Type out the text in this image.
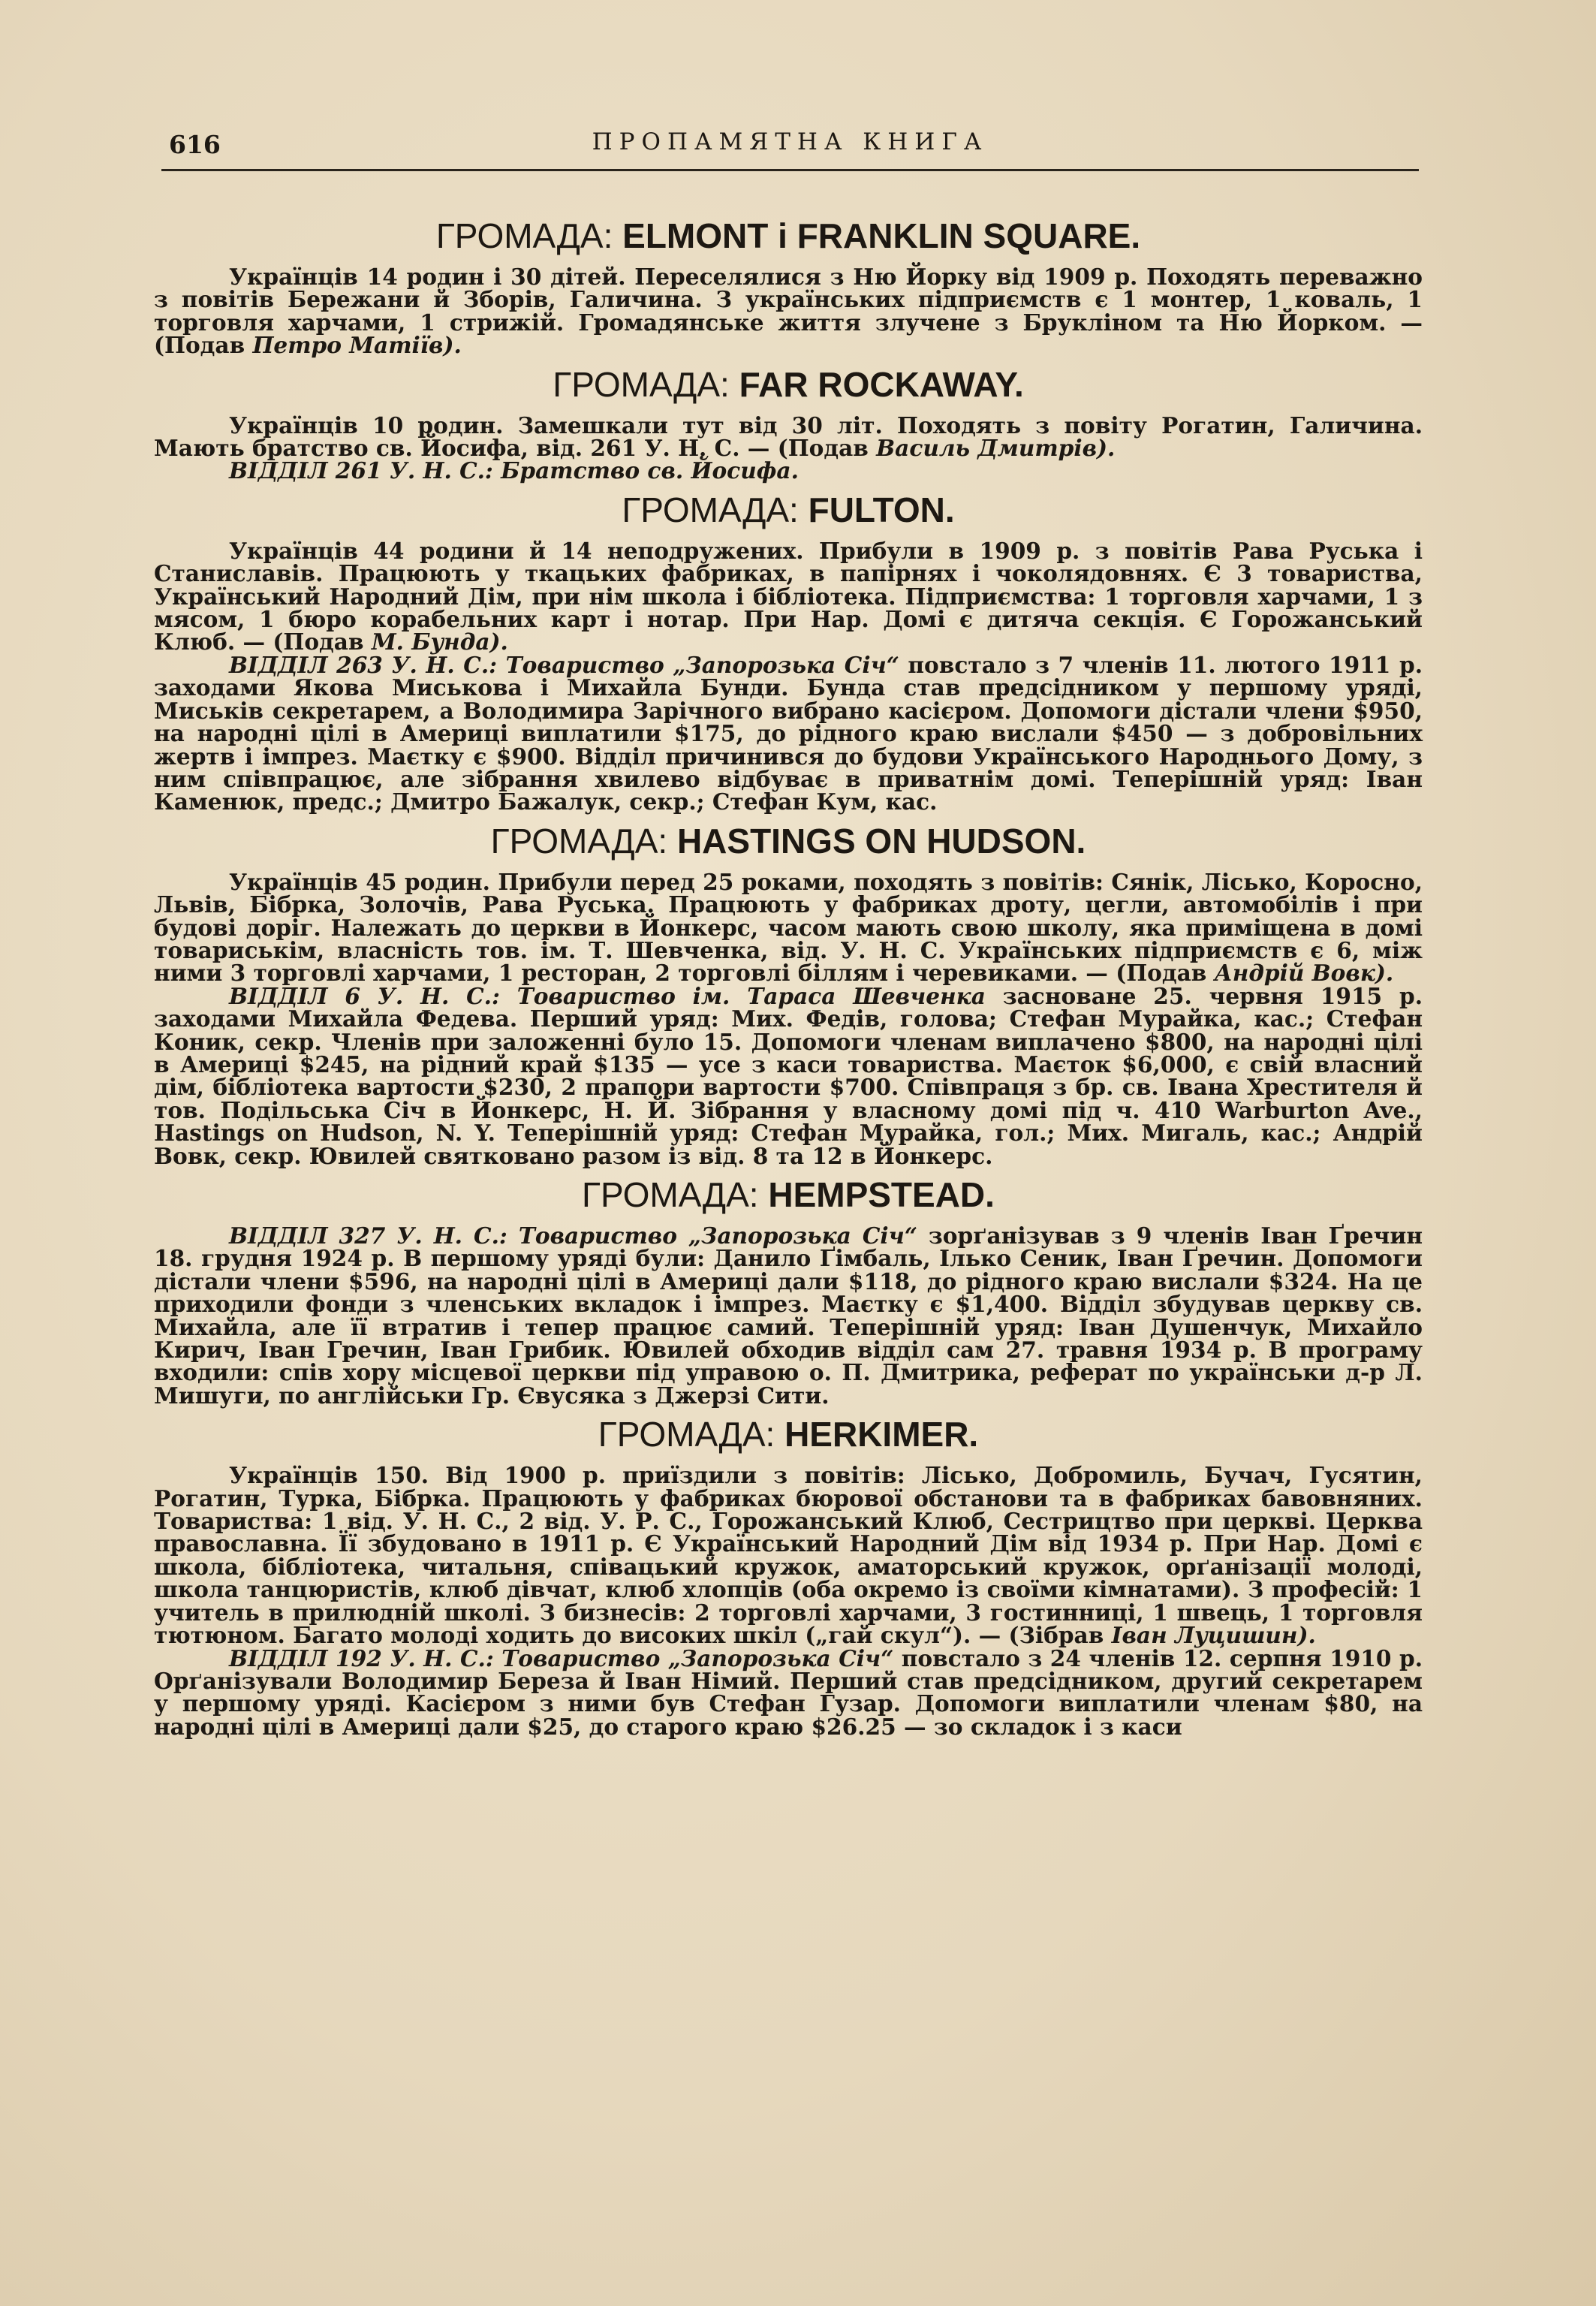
616	ПРОПАМЯТНА КНИГА
ГРОМАДА: ELMONT і FRANKLIN SQUARE.

Українців 14 родин і 30 дітей. Переселялися з Ню Йорку від 1909 р. Походять переважно з повітів Бережани й Зборів, Галичина. З українських підприємств є 1 монтер, 1 коваль, 1 торговля харчами, 1 стрижій. Громадянське життя злучене з Брукліном та Ню Йорком. — (Подав Петро Матіїв).

ГРОМАДА: FAR ROCKAWAY.

Українців 10 родин. Замешкали тут від 30 літ. Походять з повіту Рогатин, Галичина. Мають братство св. Йосифа, від. 261 У. Н. С. — (Подав Василь Дмитрів).

ВІДДІЛ 261 У. Н. С.: Братство св. Йосифа.

ГРОМАДА: FULTON.

Українців 44 родини й 14 неподружених. Прибули в 1909 р. з повітів Рава Руська і Станиславів. Працюють у ткацьких фабриках, в папірнях і чоколядовнях. Є 3 товариства, Український Народний Дім, при нім школа і бібліотека. Підприємства: 1 торговля харчами, 1 з мясом, 1 бюро корабельних карт і нотар. При Нар. Домі є дитяча секція. Є Горожанський Клюб. — (Подав М. Бунда).

ВІДДІЛ 263 У. Н. С.: Товариство „Запорозька Січ“ повстало з 7 членів 11. лютого 1911 р. заходами Якова Миськова і Михайла Бунди. Бунда став предсідником у першому уряді, Миськів секретарем, а Володимира Зарічного вибрано касієром. Допомоги дістали члени $950, на народні цілі в Америці виплатили $175, до рідного краю вислали $450 — з добровільних жертв і імпрез. Маєтку є $900. Відділ причинився до будови Українського Народнього Дому, з ним співпрацює, але зібрання хвилево відбуває в приватнім домі. Теперішній уряд: Іван Каменюк, предс.; Дмитро Бажалук, секр.; Стефан Кум, кас.

ГРОМАДА: HASTINGS ON HUDSON.

Українців 45 родин. Прибули перед 25 роками, походять з повітів: Сянік, Лісько, Коросно, Львів, Бібрка, Золочів, Рава Руська. Працюють у фабриках дроту, цегли, автомобілів і при будові доріг. Належать до церкви в Йонкерс, часом мають свою школу, яка приміщена в домі товариськім, власність тов. ім. Т. Шевченка, від. У. Н. С. Українських підприємств є 6, між ними 3 торговлі харчами, 1 ресторан, 2 торговлі біллям і черевиками. — (Подав Андрій Вовк).

ВІДДІЛ 6 У. Н. С.: Товариство ім. Тараса Шевченка засноване 25. червня 1915 р. заходами Михайла Федева. Перший уряд: Мих. Федів, голова; Стефан Мурайка, кас.; Стефан Коник, секр. Членів при заложенні було 15. Допомоги членам виплачено $800, на народні цілі в Америці $245, на рідний край $135 — усе з каси товариства. Маєток $6,000, є свій власний дім, бібліотека вартости $230, 2 прапори вартости $700. Співпраця з бр. св. Івана Хрестителя й тов. Подільська Січ в Йонкерс, Н. Й. Зібрання у власному домі під ч. 410 Warburton Ave., Hastings on Hudson, N. Y. Теперішній уряд: Стефан Мурайка, гол.; Мих. Мигаль, кас.; Андрій Вовк, секр. Ювилей святковано разом із від. 8 та 12 в Йонкерс.

ГРОМАДА: HEMPSTEAD.

ВІДДІЛ 327 У. Н. С.: Товариство „Запорозька Січ“ зорґанізував з 9 членів Іван Ґречин 18. грудня 1924 р. В першому уряді були: Данило Ґімбаль, Ілько Сеник, Іван Ґречин. Допомоги дістали члени $596, на народні цілі в Америці дали $118, до рідного краю вислали $324. На це приходили фонди з членських вкладок і імпрез. Маєтку є $1,400. Відділ збудував церкву св. Михайла, але її втратив і тепер працює самий. Теперішній уряд: Іван Душенчук, Михайло Кирич, Іван Гречин, Іван Грибик. Ювилей обходив відділ сам 27. травня 1934 р. В програму входили: спів хору місцевої церкви під управою о. П. Дмитрика, реферат по українськи д-р Л. Мишуги, по англійськи Гр. Євусяка з Джерзі Сити.

ГРОМАДА: HERKIMER.

Українців 150. Від 1900 р. приїздили з повітів: Лісько, Добромиль, Бучач, Гусятин, Рогатин, Турка, Бібрка. Працюють у фабриках бюрової обстанови та в фабриках бавовняних. Товариства: 1 від. У. Н. С., 2 від. У. Р. С., Горожанський Клюб, Сестрицтво при церкві. Церква православна. Її збудовано в 1911 р. Є Український Народний Дім від 1934 р. При Нар. Домі є школа, бібліотека, читальня, співацький кружок, аматорський кружок, орґанізації молоді, школа танцюристів, клюб дівчат, клюб хлопців (оба окремо із своїми кімнатами). З професій: 1 учитель в прилюдній школі. З бизнесів: 2 торговлі харчами, 3 гостинниці, 1 швець, 1 торговля тютюном. Багато молоді ходить до високих шкіл („гай скул“). — (Зібрав Іван Луцишин).

ВІДДІЛ 192 У. Н. С.: Товариство „Запорозька Січ“ повстало з 24 членів 12. серпня 1910 р. Орґанізували Володимир Береза й Іван Німий. Перший став предсідником, другий секретарем у першому уряді. Касієром з ними був Стефан Гузар. Допомоги виплатили членам $80, на народні цілі в Америці дали $25, до старого краю $26.25 — зо складок і з каси
